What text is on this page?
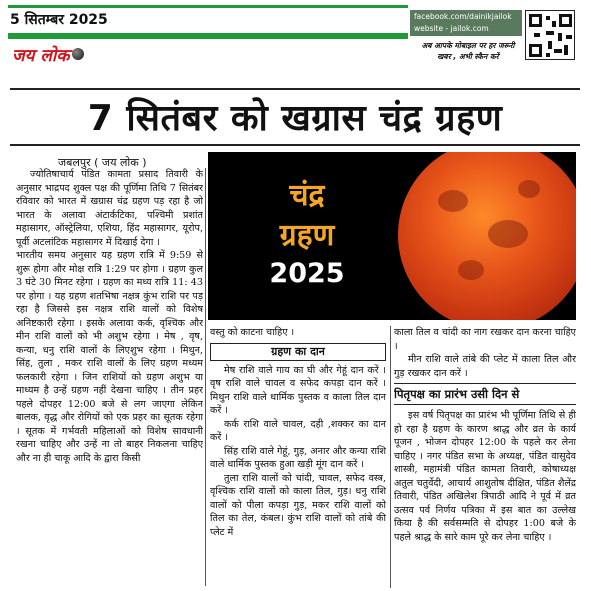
5 सितम्बर 2025
जय लोक
facebook.com/dainikjailok
website - jailok.com
अब आपके मोबाइल पर हर जरूरी खबर , अभी स्कैन करें
7 सितंबर को खग्रास चंद्र ग्रहण
जबलपुर ( जय लोक )

ज्योतिषाचार्य पंडित कामता प्रसाद तिवारी के अनुसार भाद्रपद शुक्ल पक्ष की पूर्णिमा तिथि 7 सितंबर रविवार को भारत में खग्रास चंद्र ग्रहण पड़ रहा है जो भारत के अलावा अंटार्कटिका, पश्चिमी प्रशांत महासागर, ऑस्ट्रेलिया, एशिया, हिंद महासागर, यूरोप, पूर्वी अटलांटिक महासागर में दिखाई देगा ।

भारतीय समय अनुसार यह ग्रहण रात्रि में 9:59 से शुरू होगा और मोक्ष रात्रि 1:29 पर होगा । ग्रहण कुल 3 घंटे 30 मिनट रहेगा । ग्रहण का मध्य रात्रि 11: 43 पर होगा । यह ग्रहण शतभिषा नक्षत्र कुंभ राशि पर पड़ रहा है जिससे इस नक्षत्र राशि वालों को विशेष अनिष्टकारी रहेगा । इसके अलावा कर्क, वृश्चिक और मीन राशि वालों को भी अशुभ रहेगा । मेष , वृष, कन्या, धनु राशि वालों के लिएशुभ रहेगा । मिथुन, सिंह, तुला , मकर राशि वालों के लिए ग्रहण मध्यम फलकारी रहेगा । जिन राशियों को ग्रहण अशुभ या माध्यम है उन्हें ग्रहण नहीं देखना चाहिए । तीन प्रहर पहले दोपहर 12:00 बजे से लग जाएगा लेकिन बालक, वृद्ध और रोगियों को एक प्रहर का सूतक रहेगा । सूतक में गर्भवती महिलाओं को विशेष सावधानी रखना चाहिए और उन्हें ना तो बाहर निकलना चाहिए और ना ही चाकू आदि के द्वारा किसी

चंद्र
ग्रहण
2025
वस्तु को काटना चाहिए ।
ग्रहण का दान

मेष राशि वाले गाय का घी और गेहूं दान करें । वृष राशि वाले चावल व सफेद कपड़ा दान करें । मिथुन राशि वाले धार्मिक पुस्तक व काला तिल दान करें ।

कर्क राशि वाले चावल, दही ,शक्कर का दान करें ।

सिंह राशि वाले गेहूं, गुड़, अनार और कन्या राशि वाले धार्मिक पुस्तक हुआ खड़ी मूंग दान करें ।

तुला राशि वालों को चांदी, चावल, सफेद वस्त्र, वृश्चिक राशि वालों को काला तिल, गुड़। धनु राशि वालों को पीला कपड़ा गुड़, मकर राशि वालों को तिल का तेल, कंबल। कुंभ राशि वालों को तांबे की प्लेट में

काला तिल व चांदी का नाग रखकर दान करना चाहिए ।

मीन राशि वाले तांबे की प्लेट में काला तिल और गुड़ रखकर दान करें ।

पितृपक्ष का प्रारंभ उसी दिन से

इस वर्ष पितृपक्ष का प्रारंभ भी पूर्णिमा तिथि से ही हो रहा है ग्रहण के कारण श्राद्ध और व्रत के कार्य पूजन , भोजन दोपहर 12:00 के पहले कर लेना चाहिए । नगर पंडित सभा के अध्यक्ष, पंडित वासुदेव शास्त्री, महामंत्री पंडित कामता तिवारी, कोषाध्यक्ष अतुल चतुर्वेदी, आचार्य आशुतोष दीक्षित, पंडित शैलेंद्र तिवारी, पंडित अखिलेश त्रिपाठी आदि ने पूर्व में व्रत उत्सव पर्व निर्णय पत्रिका में इस बात का उल्लेख किया है की सर्वसम्मति से दोपहर 1:00 बजे के पहले श्राद्ध के सारे काम पूरे कर लेना चाहिए ।
